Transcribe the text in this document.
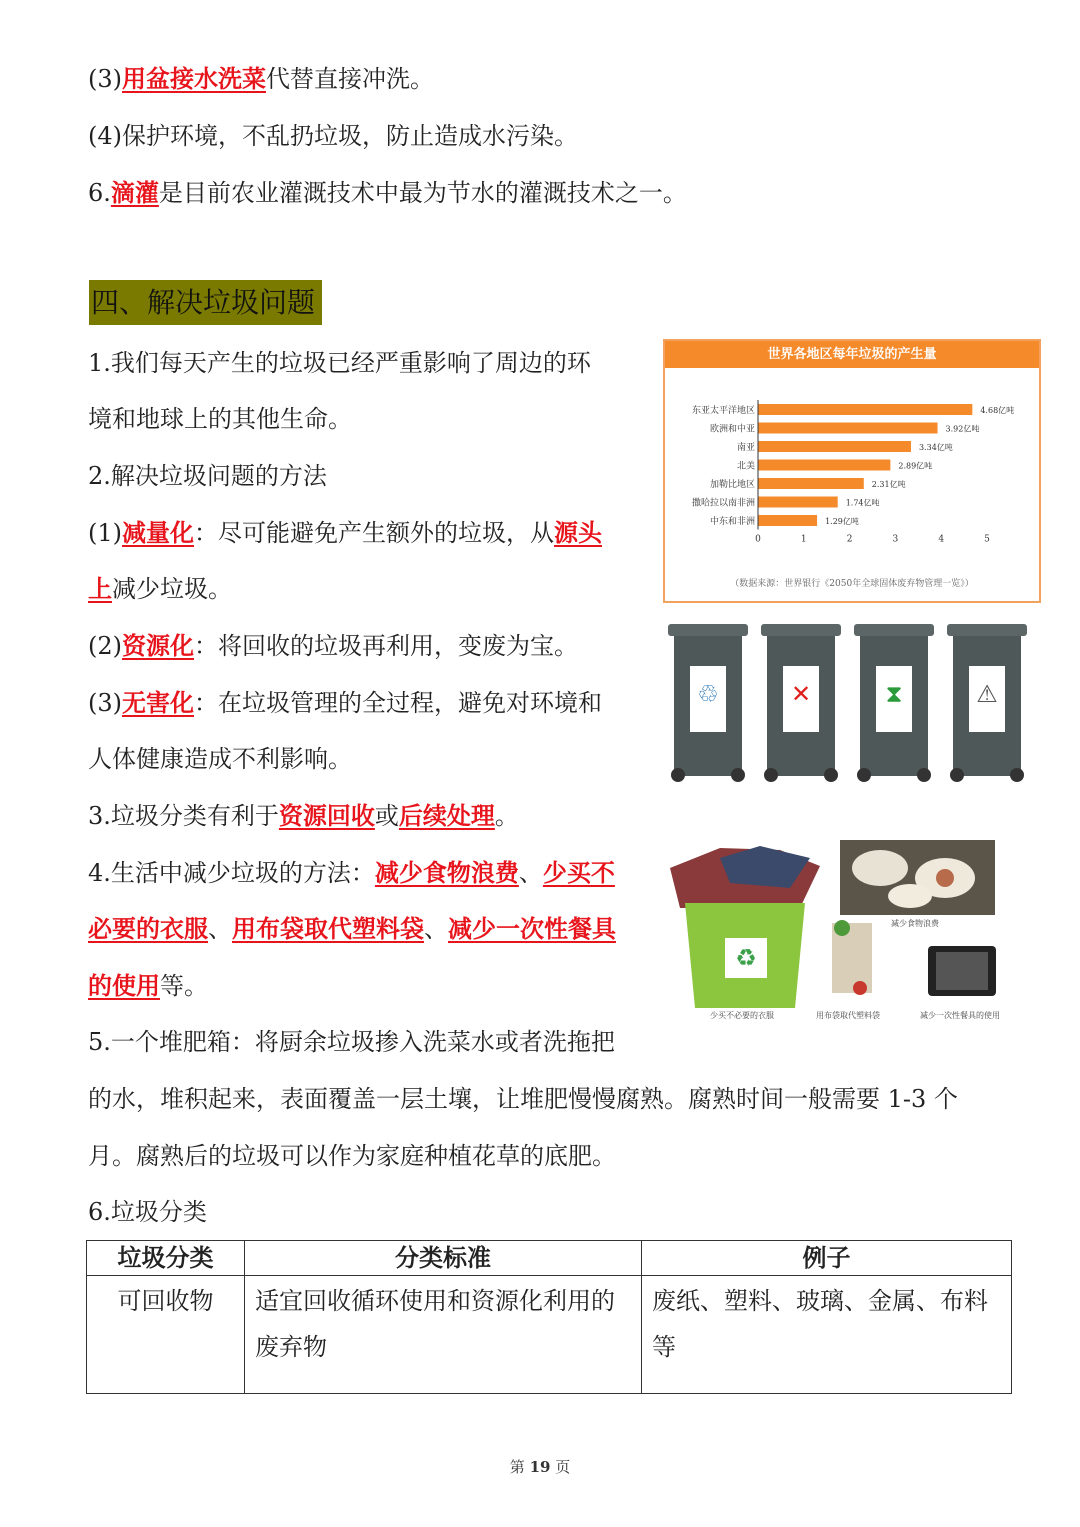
(3)用盆接水洗菜代替直接冲洗。
(4)保护环境，不乱扔垃圾，防止造成水污染。
6.滴灌是目前农业灌溉技术中最为节水的灌溉技术之一。
四、解决垃圾问题
1.我们每天产生的垃圾已经严重影响了周边的环
境和地球上的其他生命。
2.解决垃圾问题的方法
(1)减量化：尽可能避免产生额外的垃圾，从源头
上减少垃圾。
(2)资源化：将回收的垃圾再利用，变废为宝。
(3)无害化：在垃圾管理的全过程，避免对环境和
人体健康造成不利影响。
3.垃圾分类有利于资源回收或后续处理。
4.生活中减少垃圾的方法：减少食物浪费、少买不
必要的衣服、用布袋取代塑料袋、减少一次性餐具
的使用等。
5.一个堆肥箱：将厨余垃圾掺入洗菜水或者洗拖把
的水，堆积起来，表面覆盖一层土壤，让堆肥慢慢腐熟。腐熟时间一般需要 1-3 个
月。腐熟后的垃圾可以作为家庭种植花草的底肥。
6.垃圾分类
世界各地区每年垃圾的产生量
东亚太平洋地区	4.68亿吨
欧洲和中亚	3.92亿吨
南亚	3.34亿吨
北美	2.89亿吨
加勒比地区	2.31亿吨
撒哈拉以南非洲	1.74亿吨
中东和非洲	1.29亿吨
0	1	2	3	4	5
（数据来源：世界银行《2050年全球固体废弃物管理一览》）
♲	✕	⧗	⚠
♻
少买不必要的衣服	用布袋取代塑料袋	减少一次性餐具的使用
减少食物浪费
垃圾分类	分类标准	例子
可回收物	适宜回收循环使用和资源化利用的废弃物	废纸、塑料、玻璃、金属、布料等
第 19 页
